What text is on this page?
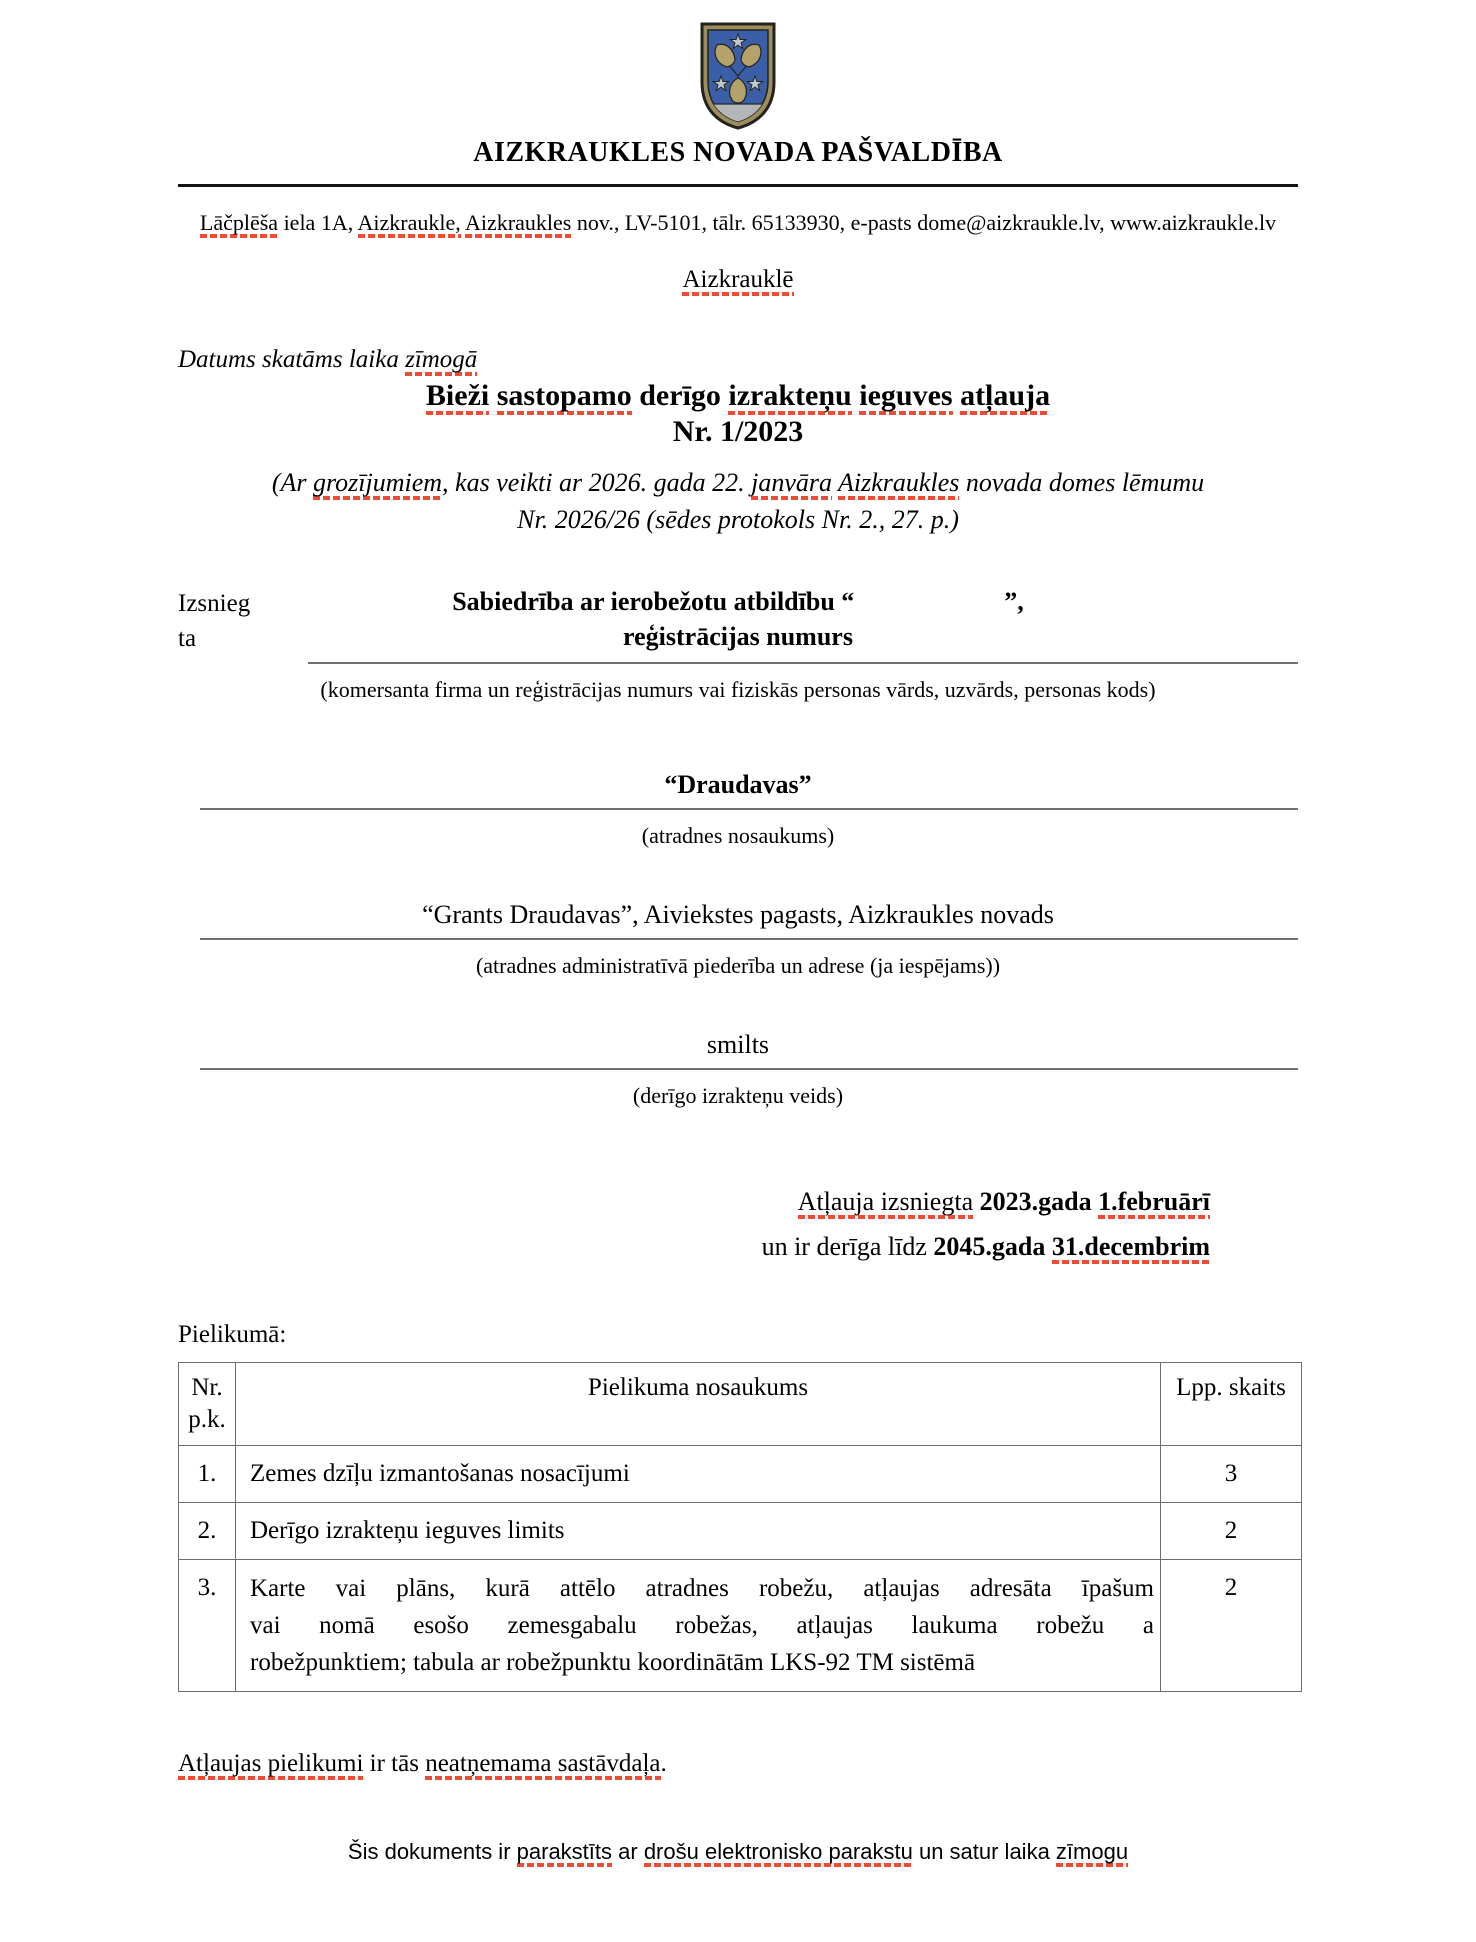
AIZKRAUKLES NOVADA PAŠVALDĪBA
Lāčplēša iela 1A, Aizkraukle, Aizkraukles nov., LV-5101, tālr. 65133930, e-pasts dome@aizkraukle.lv, www.aizkraukle.lv
Aizkrauklē
Datums skatāms laika zīmogā
Bieži sastopamo derīgo izrakteņu ieguves atļauja
Nr. 1/2023
(Ar grozījumiem, kas veikti ar 2026. gada 22. janvāra Aizkraukles novada domes lēmumu
Nr. 2026/26 (sēdes protokols Nr. 2., 27. p.)
Izsnieg
ta
Sabiedrība ar ierobežotu atbildību “	”,
reģistrācijas numurs
(komersanta firma un reģistrācijas numurs vai fiziskās personas vārds, uzvārds, personas kods)
“Draudavas”
(atradnes nosaukums)
“Grants Draudavas”, Aiviekstes pagasts, Aizkraukles novads
(atradnes administratīvā piederība un adrese (ja iespējams))
smilts
(derīgo izrakteņu veids)
Atļauja izsniegta 2023.gada 1.februārī
un ir derīga līdz 2045.gada 31.decembrim
Pielikumā:
Nr.
p.k.	Pielikuma nosaukums	Lpp. skaits
1.	Zemes dzīļu izmantošanas nosacījumi	3
2.	Derīgo izrakteņu ieguves limits	2
3.	Karte vai plāns, kurā attēlo atradnes robežu, atļaujas adresāta īpašum
vai nomā esošo zemesgabalu robežas, atļaujas laukuma robežu a
robežpunktiem; tabula ar robežpunktu koordinātām LKS-92 TM sistēmā	2
Atļaujas pielikumi ir tās neatņemama sastāvdaļa.
Šis dokuments ir parakstīts ar drošu elektronisko parakstu un satur laika zīmogu
